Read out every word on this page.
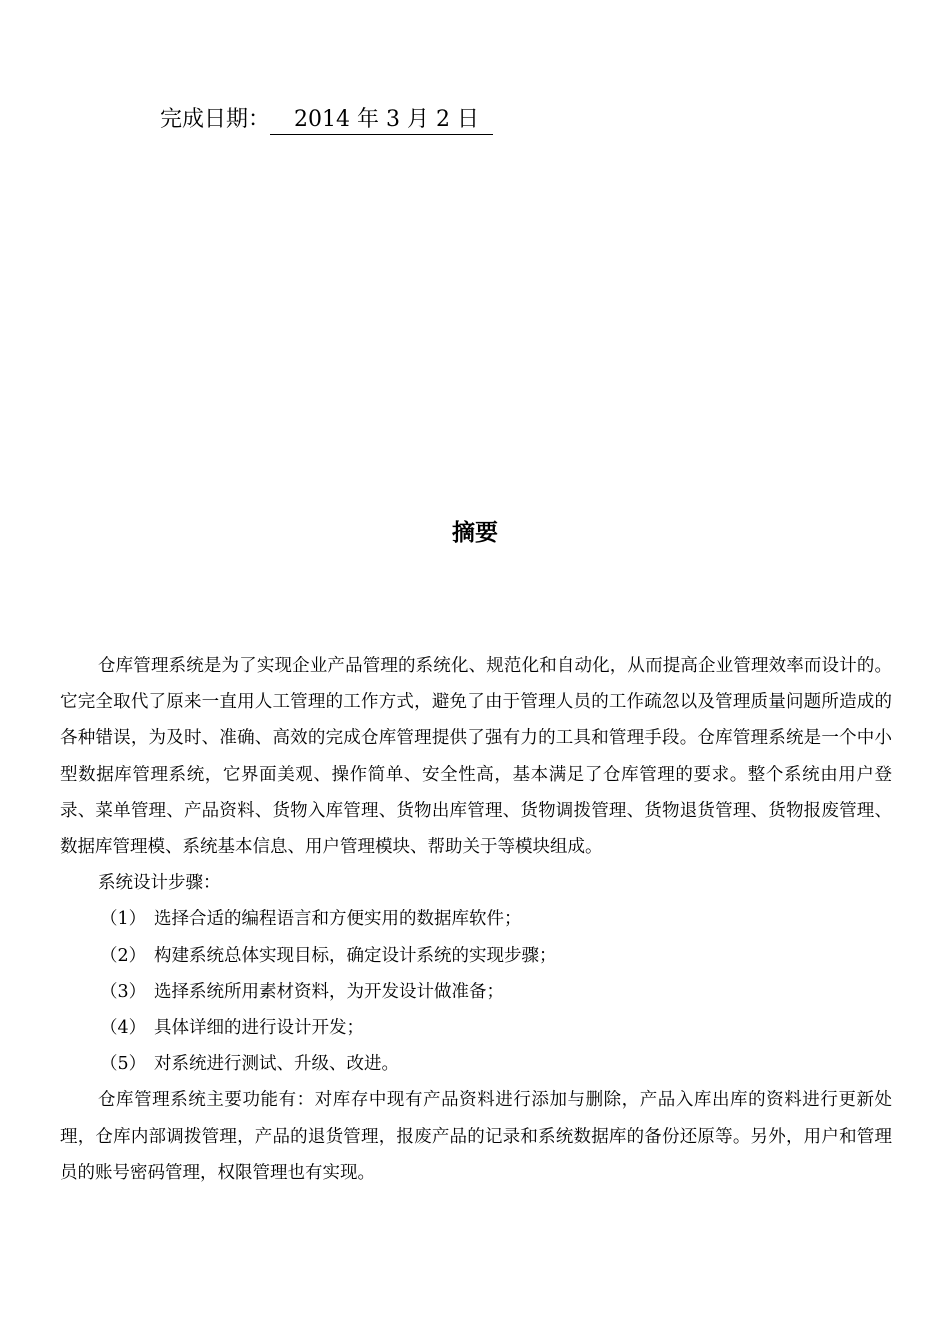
完成日期： 2014 年 3 月 2 日
摘要

仓库管理系统是为了实现企业产品管理的系统化、规范化和自动化，从而提高企业管理效率而设计的。它完全取代了原来一直用人工管理的工作方式，避免了由于管理人员的工作疏忽以及管理质量问题所造成的各种错误，为及时、准确、高效的完成仓库管理提供了强有力的工具和管理手段。仓库管理系统是一个中小型数据库管理系统，它界面美观、操作简单、安全性高，基本满足了仓库管理的要求。整个系统由用户登录、菜单管理、产品资料、货物入库管理、货物出库管理、货物调拨管理、货物退货管理、货物报废管理、数据库管理模、系统基本信息、用户管理模块、帮助关于等模块组成。

系统设计步骤：

（1） 选择合适的编程语言和方便实用的数据库软件；

（2） 构建系统总体实现目标，确定设计系统的实现步骤；

（3） 选择系统所用素材资料，为开发设计做准备；

（4） 具体详细的进行设计开发；

（5） 对系统进行测试、升级、改进。

仓库管理系统主要功能有：对库存中现有产品资料进行添加与删除，产品入库出库的资料进行更新处理，仓库内部调拨管理，产品的退货管理，报废产品的记录和系统数据库的备份还原等。另外，用户和管理员的账号密码管理，权限管理也有实现。
